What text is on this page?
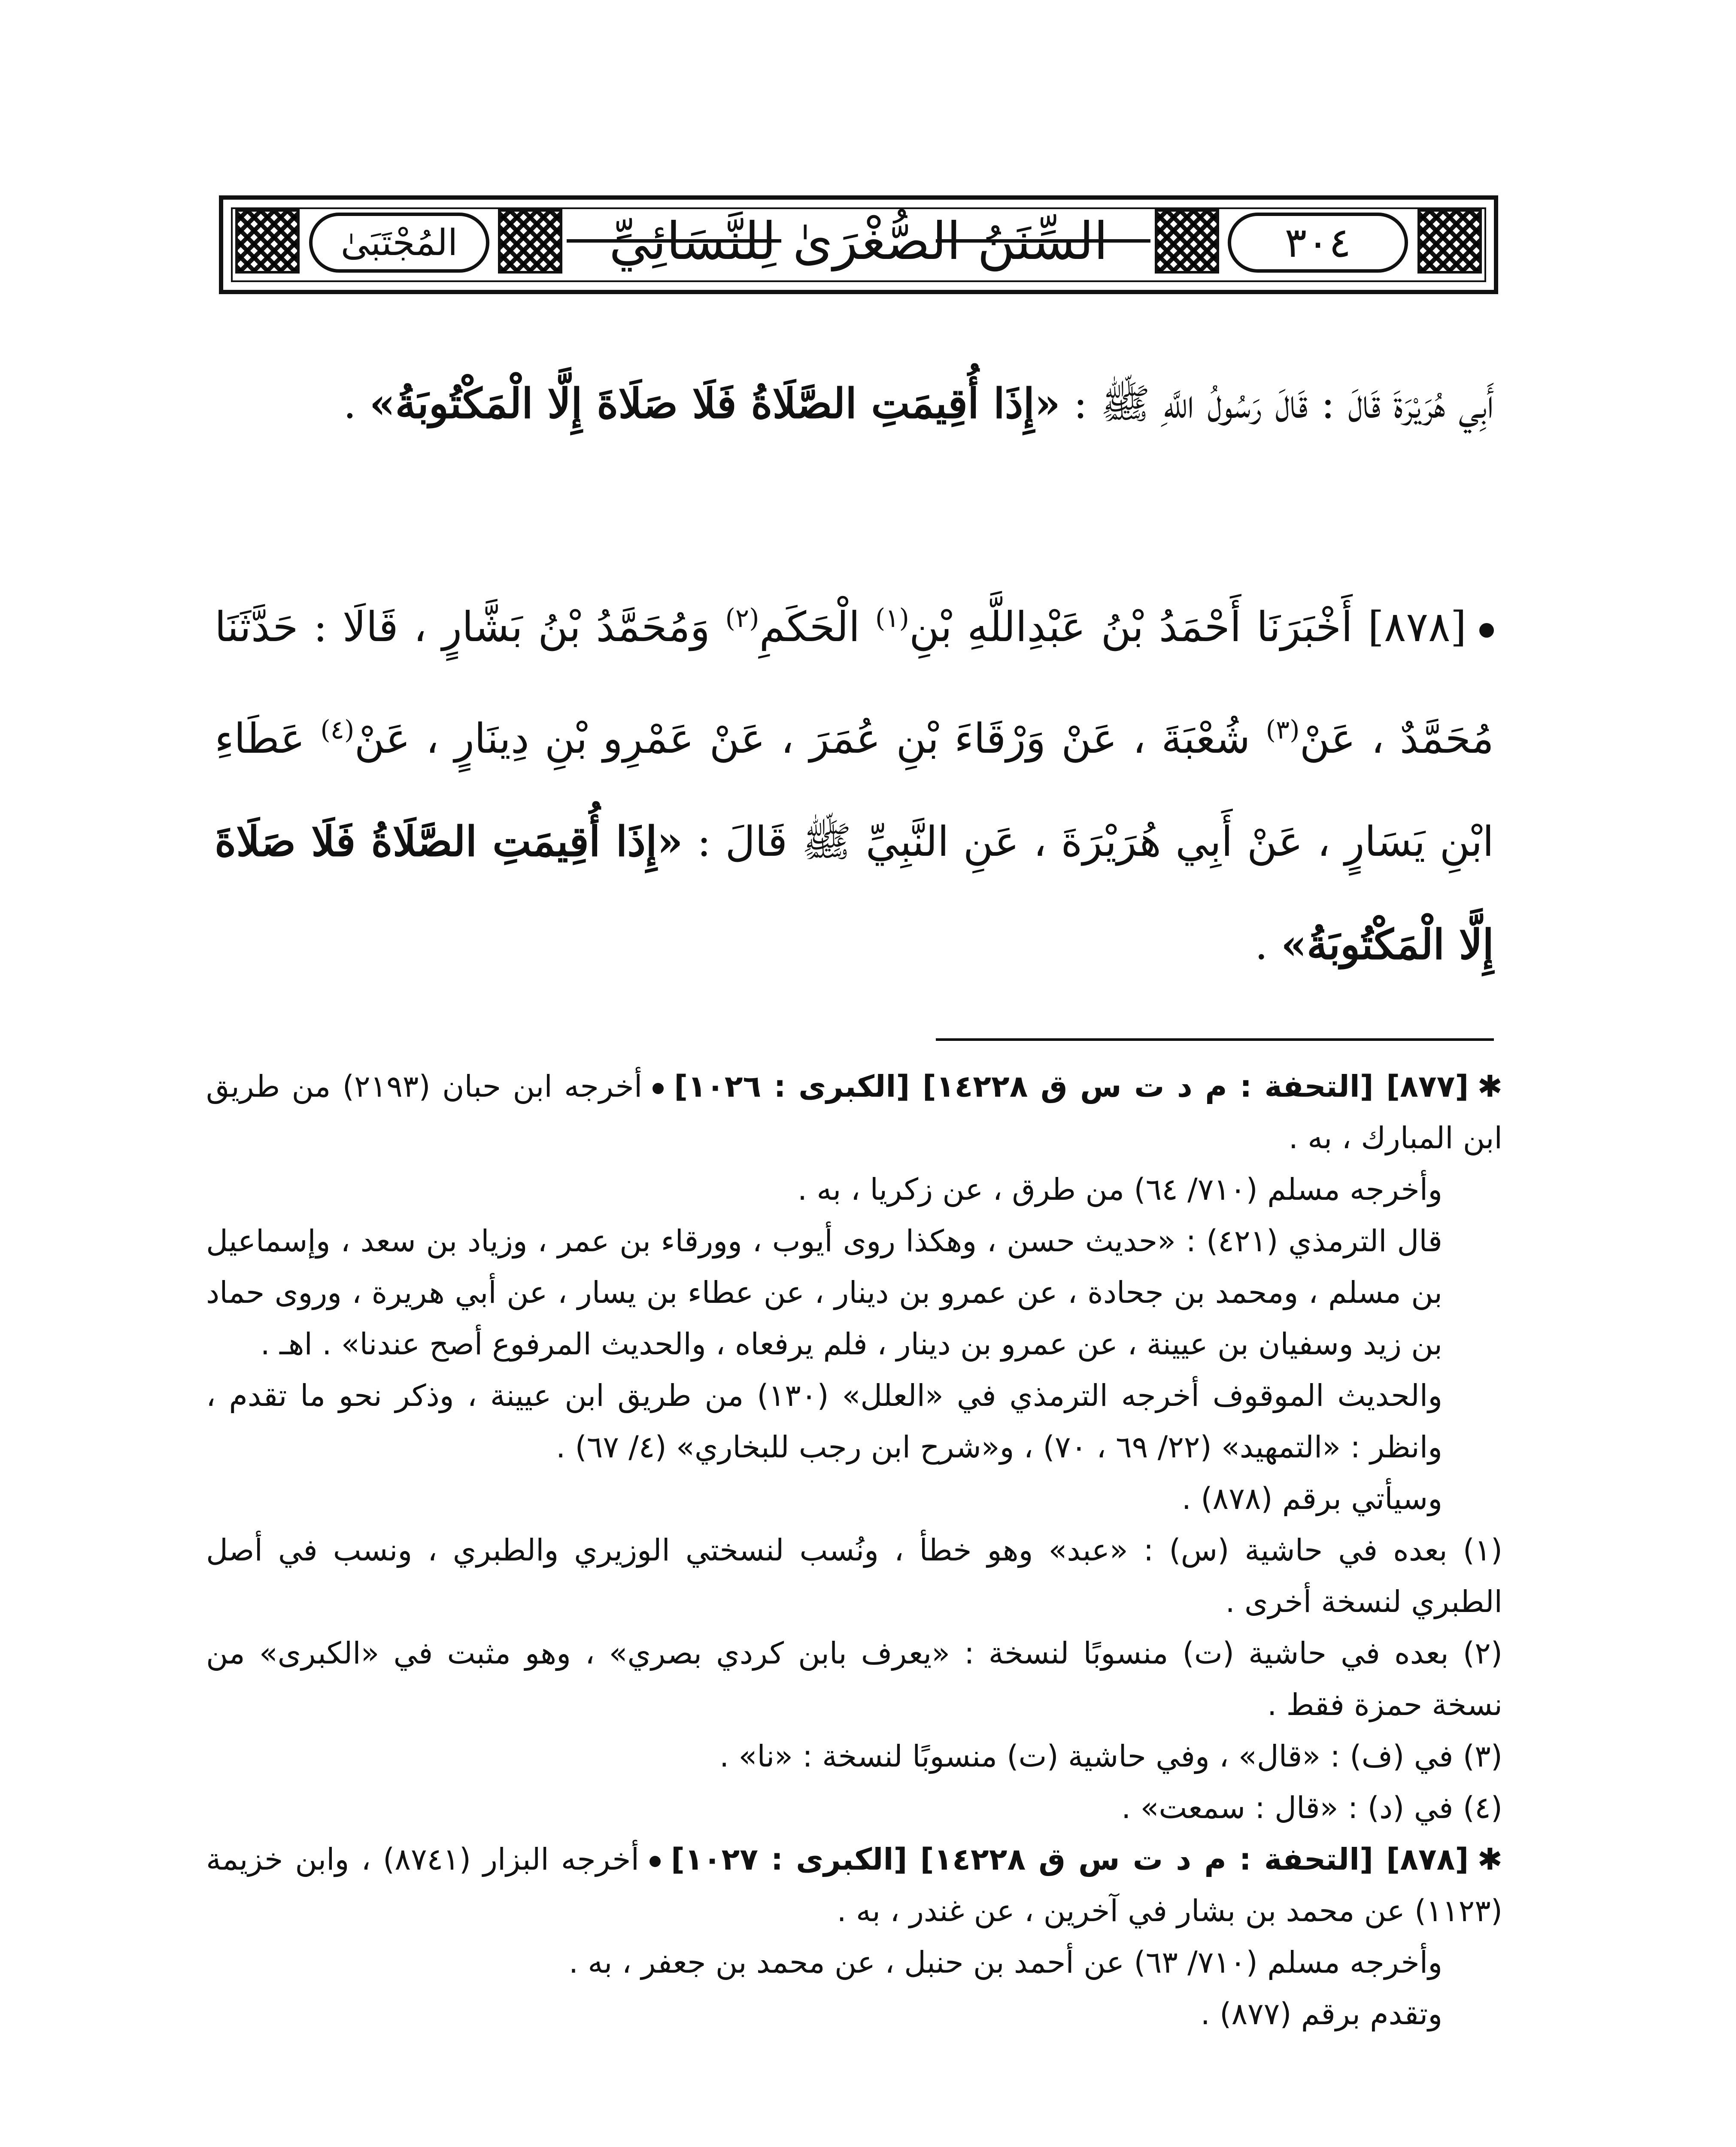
السِّنَنُ الصُّغْرَىٰ لِلنَّسَائِيِّ
المُجْتَبَىٰ	٣٠٤

أَبِي هُرَيْرَةَ قَالَ : قَالَ رَسُولُ اللَّهِ ﷺ : «إِذَا أُقِيمَتِ الصَّلَاةُ فَلَا صَلَاةَ إِلَّا الْمَكْتُوبَةُ» .

[٨٧٨] أَخْبَرَنَا أَحْمَدُ بْنُ عَبْدِاللَّهِ بْنِ$^{(١)}$ الْحَكَمِ$^{(٢)}$ وَمُحَمَّدُ بْنُ بَشَّارٍ ، قَالَا : حَدَّثَنَا مُحَمَّدٌ ، عَنْ$^{(٣)}$ شُعْبَةَ ، عَنْ وَرْقَاءَ بْنِ عُمَرَ ، عَنْ عَمْرِو بْنِ دِينَارٍ ، عَنْ$^{(٤)}$ عَطَاءِ ابْنِ يَسَارٍ ، عَنْ أَبِي هُرَيْرَةَ ، عَنِ النَّبِيِّ ﷺ قَالَ : «إِذَا أُقِيمَتِ الصَّلَاةُ فَلَا صَلَاةَ إِلَّا الْمَكْتُوبَةُ» .

✱[٨٧٧] [التحفة : م د ت س ق ١٤٢٢٨] [الكبرى : ١٠٢٦]أخرجه ابن حبان (٢١٩٣) من طريق ابن المبارك ، به .

وأخرجه مسلم (٧١٠/ ٦٤) من طرق ، عن زكريا ، به .

قال الترمذي (٤٢١) : «حديث حسن ، وهكذا روى أيوب ، وورقاء بن عمر ، وزياد بن سعد ، وإسماعيل بن مسلم ، ومحمد بن جحادة ، عن عمرو بن دينار ، عن عطاء بن يسار ، عن أبي هريرة ، وروى حماد بن زيد وسفيان بن عيينة ، عن عمرو بن دينار ، فلم يرفعاه ، والحديث المرفوع أصح عندنا» . اهـ .

والحديث الموقوف أخرجه الترمذي في «العلل» (١٣٠) من طريق ابن عيينة ، وذكر نحو ما تقدم ، وانظر : «التمهيد» (٢٢/ ٦٩ ، ٧٠) ، و«شرح ابن رجب للبخاري» (٤/ ٦٧) .

وسيأتي برقم (٨٧٨) .

(١) بعده في حاشية (س) : «عبد» وهو خطأ ، ونُسب لنسختي الوزيري والطبري ، ونسب في أصل الطبري لنسخة أخرى .

(٢) بعده في حاشية (ت) منسوبًا لنسخة : «يعرف بابن كردي بصري» ، وهو مثبت في «الكبرى» من نسخة حمزة فقط .

(٣) في (ف) : «قال» ، وفي حاشية (ت) منسوبًا لنسخة : «نا» .

(٤) في (د) : «قال : سمعت» .

✱[٨٧٨] [التحفة : م د ت س ق ١٤٢٢٨] [الكبرى : ١٠٢٧]أخرجه البزار (٨٧٤١) ، وابن خزيمة (١١٢٣) عن محمد بن بشار في آخرين ، عن غندر ، به .

وأخرجه مسلم (٧١٠/ ٦٣) عن أحمد بن حنبل ، عن محمد بن جعفر ، به .

وتقدم برقم (٨٧٧) .
